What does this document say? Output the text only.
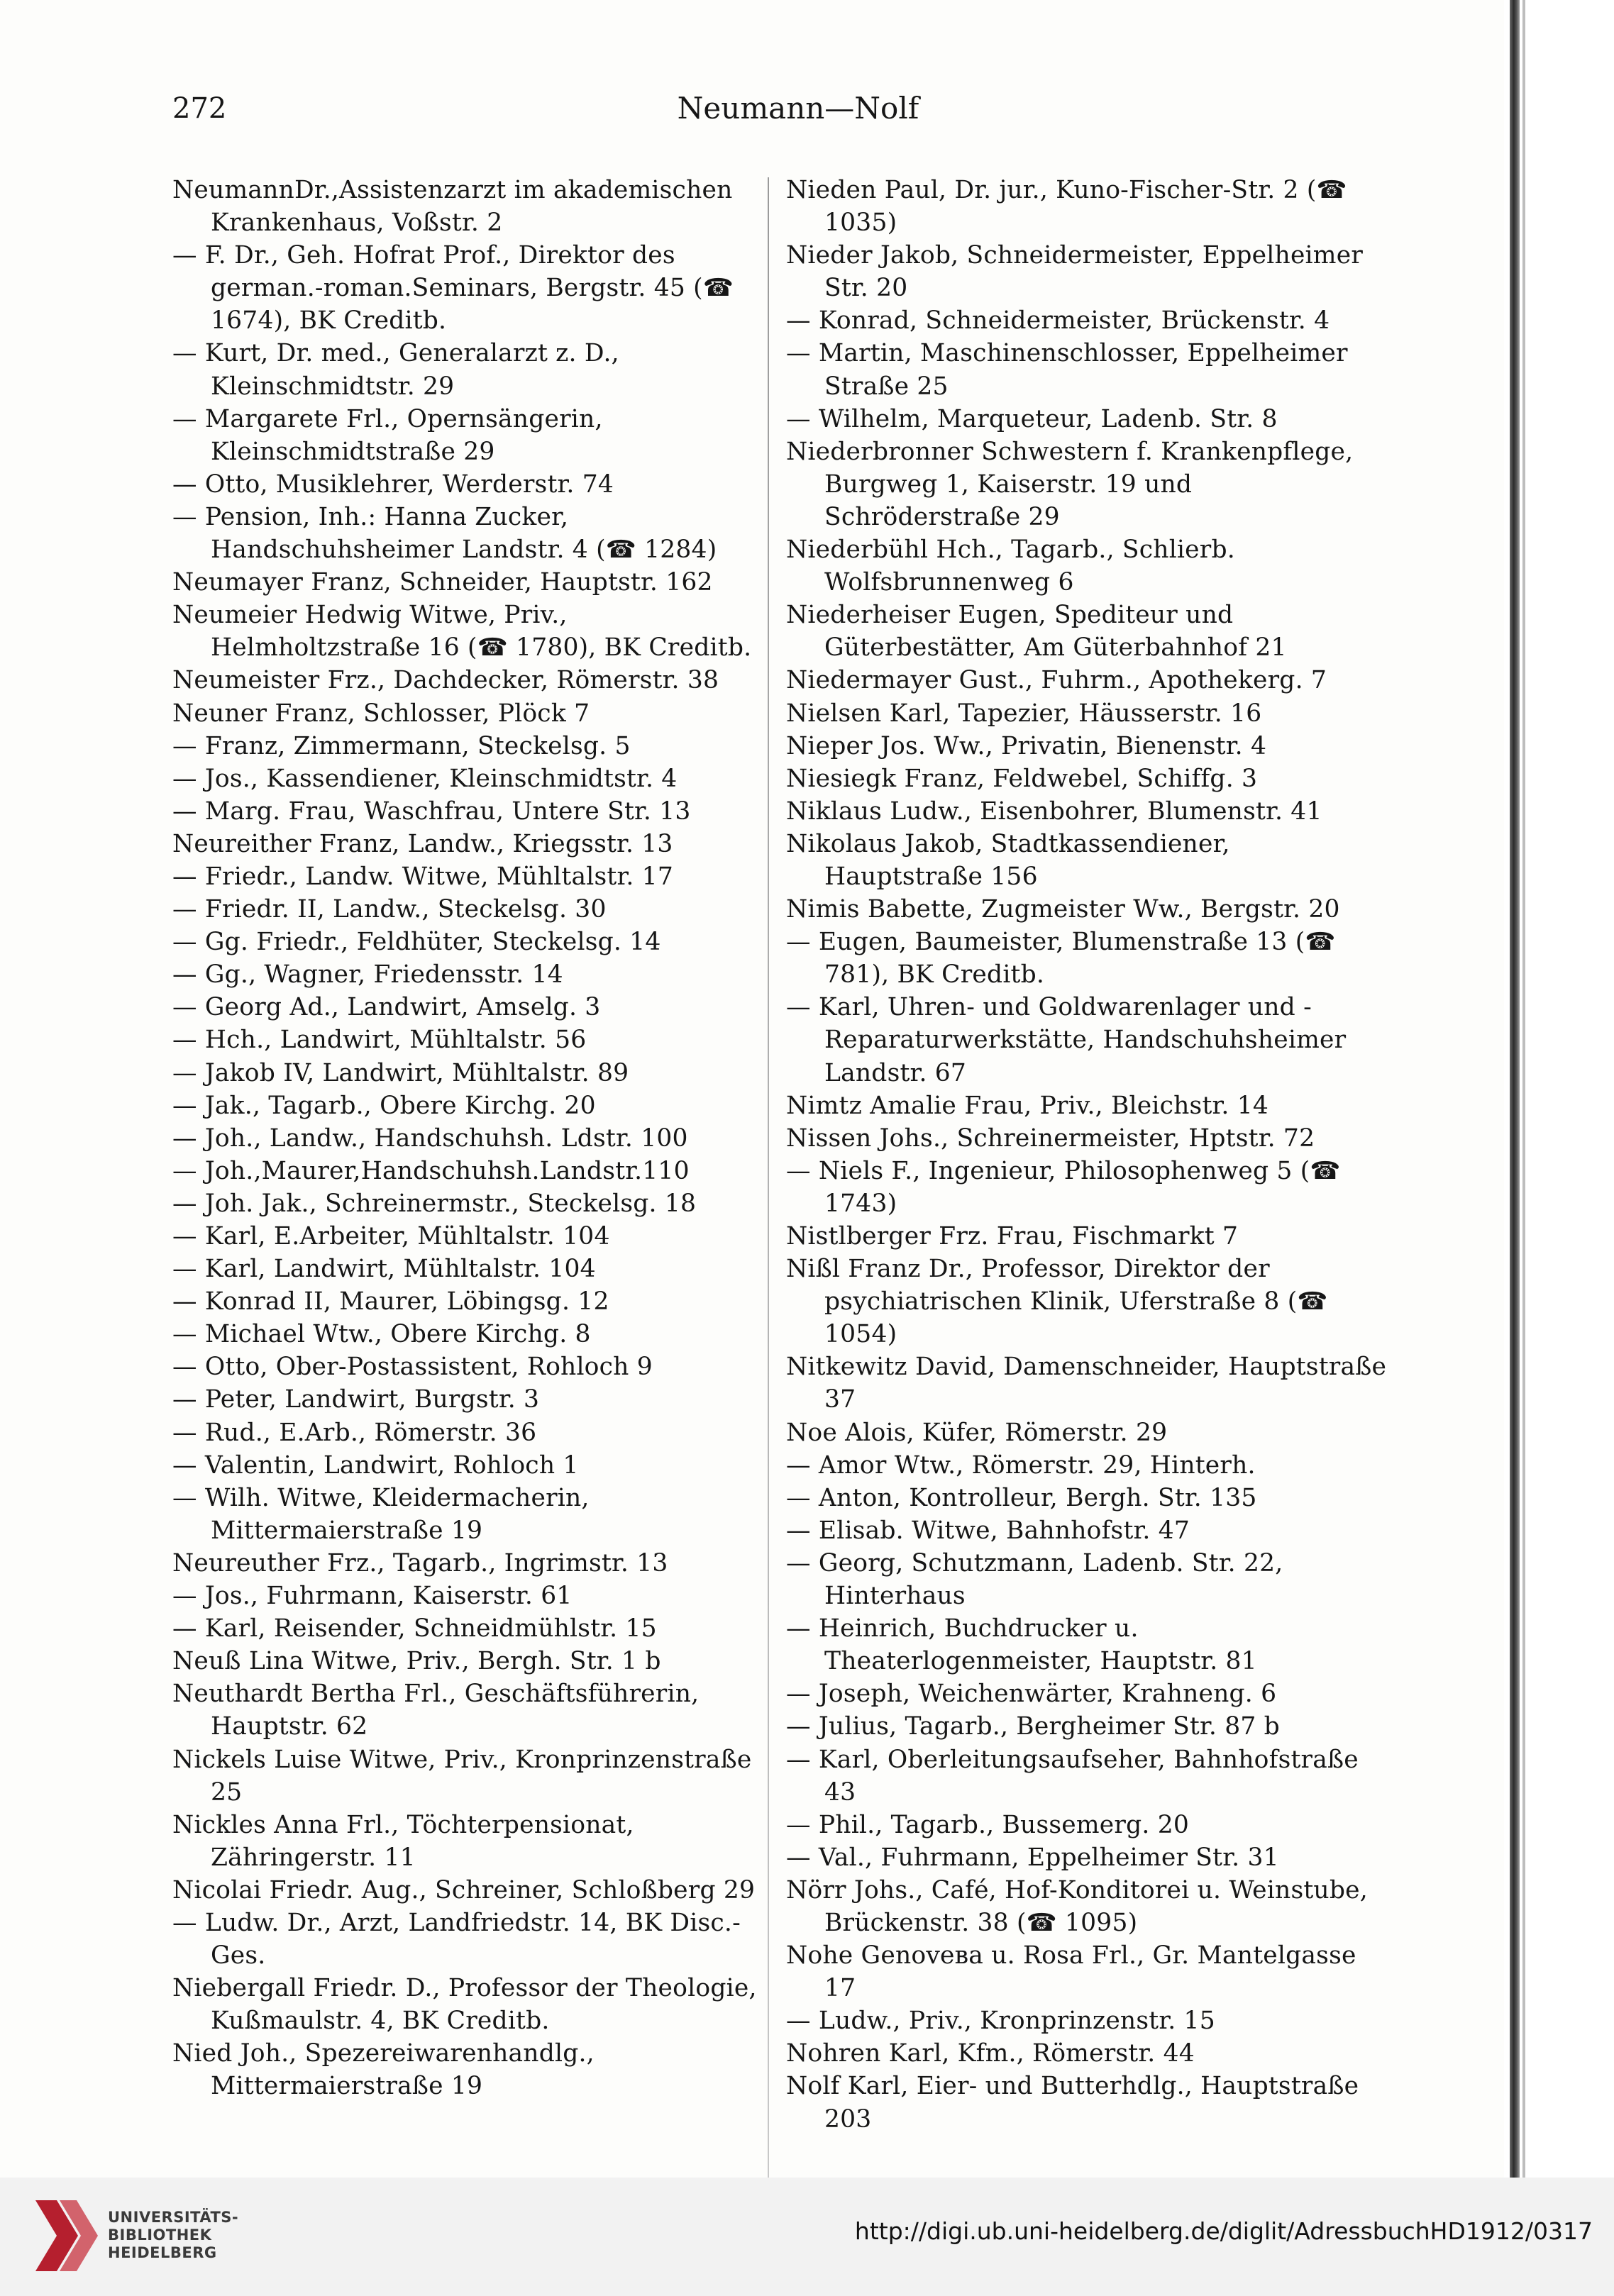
272	Neumann—Nolf
NeumannDr.,Assistenzarzt im akademischen Krankenhaus, Voßstr. 2
— F. Dr., Geh. Hofrat Prof., Direktor des german.-roman.Seminars, Bergstr. 45 (☎ 1674), BK Creditb.
— Kurt, Dr. med., Generalarzt z. D., Kleinschmidtstr. 29
— Margarete Frl., Opernsängerin, Kleinschmidtstraße 29
— Otto, Musiklehrer, Werderstr. 74
— Pension, Inh.: Hanna Zucker, Handschuhsheimer Landstr. 4 (☎ 1284)
Neumayer Franz, Schneider, Hauptstr. 162
Neumeier Hedwig Witwe, Priv., Helmholtzstraße 16 (☎ 1780), BK Creditb.
Neumeister Frz., Dachdecker, Römerstr. 38
Neuner Franz, Schlosser, Plöck 7
— Franz, Zimmermann, Steckelsg. 5
— Jos., Kassendiener, Kleinschmidtstr. 4
— Marg. Frau, Waschfrau, Untere Str. 13
Neureither Franz, Landw., Kriegsstr. 13
— Friedr., Landw. Witwe, Mühltalstr. 17
— Friedr. II, Landw., Steckelsg. 30
— Gg. Friedr., Feldhüter, Steckelsg. 14
— Gg., Wagner, Friedensstr. 14
— Georg Ad., Landwirt, Amselg. 3
— Hch., Landwirt, Mühltalstr. 56
— Jakob IV, Landwirt, Mühltalstr. 89
— Jak., Tagarb., Obere Kirchg. 20
— Joh., Landw., Handschuhsh. Ldstr. 100
— Joh.,Maurer,Handschuhsh.Landstr.110
— Joh. Jak., Schreinermstr., Steckelsg. 18
— Karl, E.Arbeiter, Mühltalstr. 104
— Karl, Landwirt, Mühltalstr. 104
— Konrad II, Maurer, Löbingsg. 12
— Michael Wtw., Obere Kirchg. 8
— Otto, Ober-Postassistent, Rohloch 9
— Peter, Landwirt, Burgstr. 3
— Rud., E.Arb., Römerstr. 36
— Valentin, Landwirt, Rohloch 1
— Wilh. Witwe, Kleidermacherin, Mittermaierstraße 19
Neureuther Frz., Tagarb., Ingrimstr. 13
— Jos., Fuhrmann, Kaiserstr. 61
— Karl, Reisender, Schneidmühlstr. 15
Neuß Lina Witwe, Priv., Bergh. Str. 1 b
Neuthardt Bertha Frl., Geschäftsführerin, Hauptstr. 62
Nickels Luise Witwe, Priv., Kronprinzenstraße 25
Nickles Anna Frl., Töchterpensionat, Zähringerstr. 11
Nicolai Friedr. Aug., Schreiner, Schloßberg 29
— Ludw. Dr., Arzt, Landfriedstr. 14, BK Disc.-Ges.
Niebergall Friedr. D., Professor der Theologie, Kußmaulstr. 4, BK Creditb.
Nied Joh., Spezereiwarenhandlg., Mittermaierstraße 19
Nieden Paul, Dr. jur., Kuno-Fischer-Str. 2 (☎ 1035)
Nieder Jakob, Schneidermeister, Eppelheimer Str. 20
— Konrad, Schneidermeister, Brückenstr. 4
— Martin, Maschinenschlosser, Eppelheimer Straße 25
— Wilhelm, Marqueteur, Ladenb. Str. 8
Niederbronner Schwestern f. Krankenpflege, Burgweg 1, Kaiserstr. 19 und Schröderstraße 29
Niederbühl Hch., Tagarb., Schlierb. Wolfsbrunnenweg 6
Niederheiser Eugen, Spediteur und Güterbestätter, Am Güterbahnhof 21
Niedermayer Gust., Fuhrm., Apothekerg. 7
Nielsen Karl, Tapezier, Häusserstr. 16
Nieper Jos. Ww., Privatin, Bienenstr. 4
Niesiegk Franz, Feldwebel, Schiffg. 3
Niklaus Ludw., Eisenbohrer, Blumenstr. 41
Nikolaus Jakob, Stadtkassendiener, Hauptstraße 156
Nimis Babette, Zugmeister Ww., Bergstr. 20
— Eugen, Baumeister, Blumenstraße 13 (☎ 781), BK Creditb.
— Karl, Uhren- und Goldwarenlager und -Reparaturwerkstätte, Handschuhsheimer Landstr. 67
Nimtz Amalie Frau, Priv., Bleichstr. 14
Nissen Johs., Schreinermeister, Hptstr. 72
— Niels F., Ingenieur, Philosophenweg 5 (☎ 1743)
Nistlberger Frz. Frau, Fischmarkt 7
Nißl Franz Dr., Professor, Direktor der psychiatrischen Klinik, Uferstraße 8 (☎ 1054)
Nitkewitz David, Damenschneider, Hauptstraße 37
Noe Alois, Küfer, Römerstr. 29
— Amor Wtw., Römerstr. 29, Hinterh.
— Anton, Kontrolleur, Bergh. Str. 135
— Elisab. Witwe, Bahnhofstr. 47
— Georg, Schutzmann, Ladenb. Str. 22, Hinterhaus
— Heinrich, Buchdrucker u. Theaterlogenmeister, Hauptstr. 81
— Joseph, Weichenwärter, Krahneng. 6
— Julius, Tagarb., Bergheimer Str. 87 b
— Karl, Oberleitungsaufseher, Bahnhofstraße 43
— Phil., Tagarb., Bussemerg. 20
— Val., Fuhrmann, Eppelheimer Str. 31
Nörr Johs., Café, Hof-Konditorei u. Weinstube, Brückenstr. 38 (☎ 1095)
Nohe Genovева u. Rosa Frl., Gr. Mantelgasse 17
— Ludw., Priv., Kronprinzenstr. 15
Nohren Karl, Kfm., Römerstr. 44
Nolf Karl, Eier- und Butterhdlg., Hauptstraße 203
UNIVERSITÄTS-
BIBLIOTHEK
HEIDELBERG
http://digi.ub.uni-heidelberg.de/diglit/AdressbuchHD1912/0317
